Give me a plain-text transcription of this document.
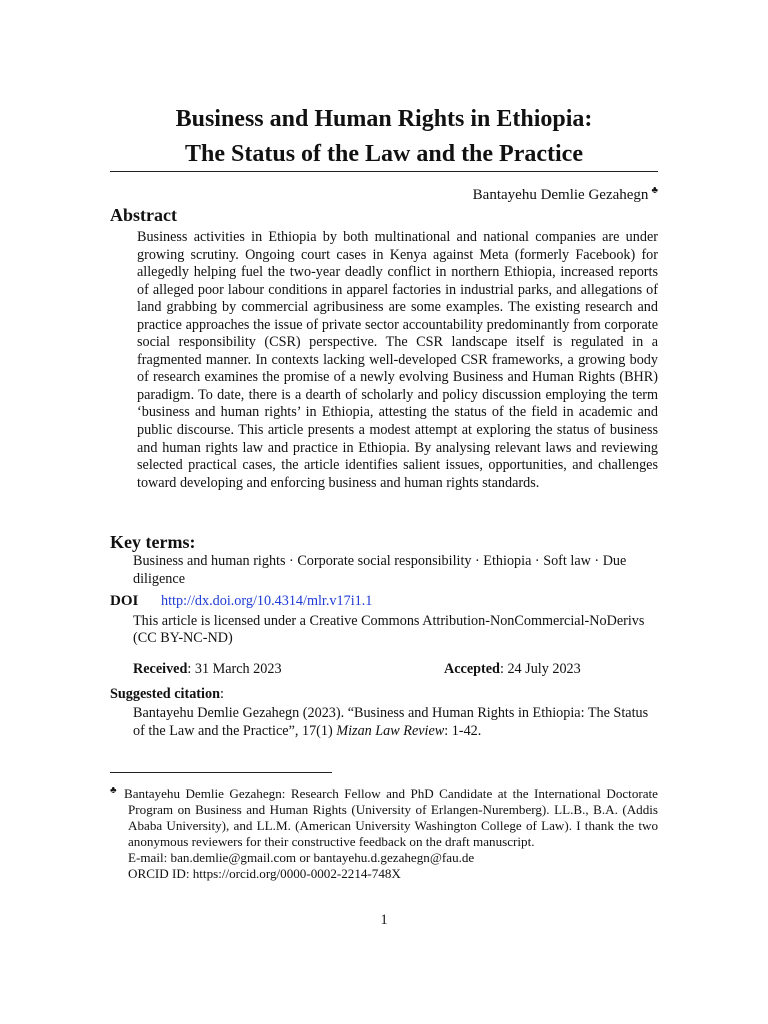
Business and Human Rights in Ethiopia:
The Status of the Law and the Practice
Bantayehu Demlie Gezahegn ♣
Abstract

Business activities in Ethiopia by both multinational and national companies are under growing scrutiny. Ongoing court cases in Kenya against Meta (formerly Facebook) for allegedly helping fuel the two-year deadly conflict in northern Ethiopia, increased reports of alleged poor labour conditions in apparel factories in industrial parks, and allegations of land grabbing by commercial agribusiness are some examples. The existing research and practice approaches the issue of private sector accountability predominantly from corporate social responsibility (CSR) perspective. The CSR landscape itself is regulated in a fragmented manner. In contexts lacking well-developed CSR frameworks, a growing body of research examines the promise of a newly evolving Business and Human Rights (BHR) paradigm. To date, there is a dearth of scholarly and policy discussion employing the term ‘business and human rights’ in Ethiopia, attesting the status of the field in academic and public discourse. This article presents a modest attempt at exploring the status of business and human rights law and practice in Ethiopia. By analysing relevant laws and reviewing selected practical cases, the article identifies salient issues, opportunities, and challenges toward developing and enforcing business and human rights standards.

Key terms:

Business and human rights · Corporate social responsibility · Ethiopia · Soft law · Due diligence

DOI http://dx.doi.org/10.4314/mlr.v17i1.1

This article is licensed under a Creative Commons Attribution-NonCommercial-NoDerivs (CC BY-NC-ND)

Received: 31 March 2023	Accepted: 24 July 2023
Suggested citation:

Bantayehu Demlie Gezahegn (2023). “Business and Human Rights in Ethiopia: The Status of the Law and the Practice”, 17(1) Mizan Law Review: 1-42.

♣ Bantayehu Demlie Gezahegn: Research Fellow and PhD Candidate at the International Doctorate Program on Business and Human Rights (University of Erlangen-Nuremberg). LL.B., B.A. (Addis Ababa University), and LL.M. (American University Washington College of Law). I thank the two anonymous reviewers for their constructive feedback on the draft manuscript.
E-mail: ban.demlie@gmail.com or bantayehu.d.gezahegn@fau.de
ORCID ID: https://orcid.org/0000-0002-2214-748X
1
